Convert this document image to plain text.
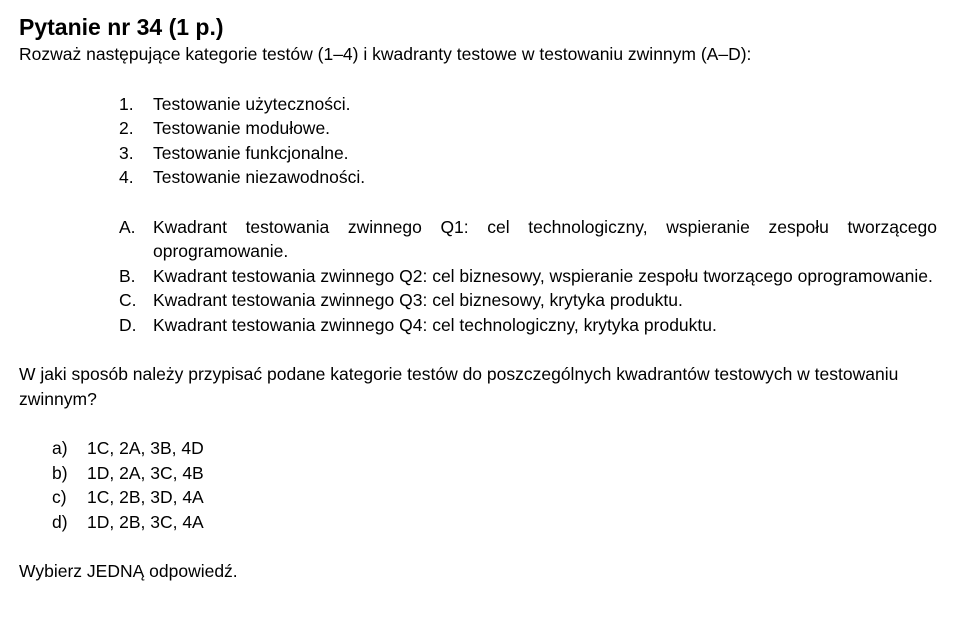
Pytanie nr 34 (1 p.)

Rozważ następujące kategorie testów (1–4) i kwadranty testowe w testowaniu zwinnym (A–D):

1.	Testowanie użyteczności.
2.	Testowanie modułowe.
3.	Testowanie funkcjonalne.
4.	Testowanie niezawodności.
A. Kwadrant testowania zwinnego Q1: cel technologiczny, wspieranie zespołu tworzącego oprogramowanie.
B. Kwadrant testowania zwinnego Q2: cel biznesowy, wspieranie zespołu tworzącego oprogramowanie.
C. Kwadrant testowania zwinnego Q3: cel biznesowy, krytyka produktu.
D. Kwadrant testowania zwinnego Q4: cel technologiczny, krytyka produktu.

W jaki sposób należy przypisać podane kategorie testów do poszczególnych kwadrantów testowych w testowaniu zwinnym?

a)	1C, 2A, 3B, 4D
b)	1D, 2A, 3C, 4B
c)	1C, 2B, 3D, 4A
d)	1D, 2B, 3C, 4A

Wybierz JEDNĄ odpowiedź.
